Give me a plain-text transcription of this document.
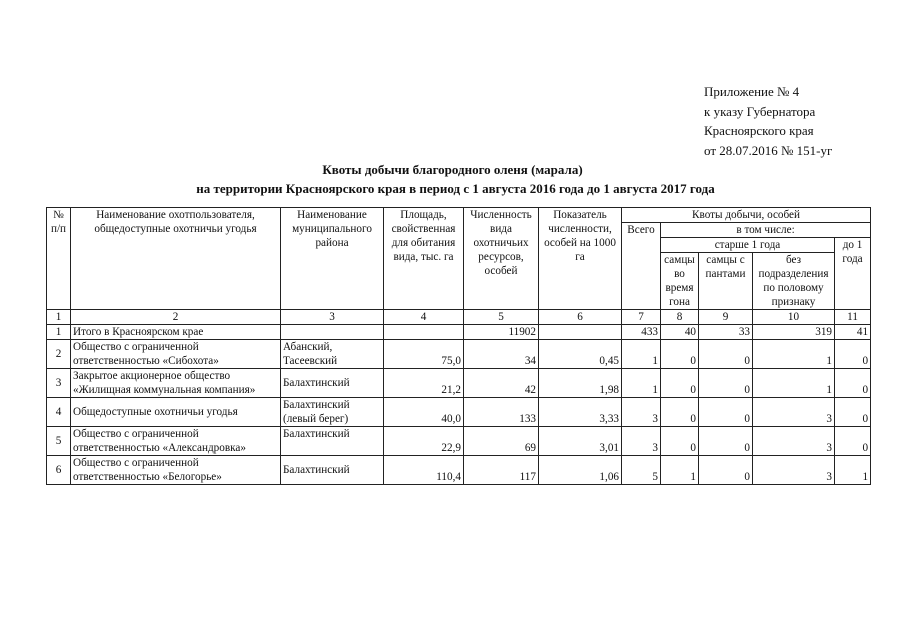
Приложение № 4
к указу Губернатора
Красноярского края
от 28.07.2016 № 151-уг
Квоты добычи благородного оленя (марала)
на территории Красноярского края в период с 1 августа 2016 года до 1 августа 2017 года
№ п/п	Наименование охотпользователя, общедоступные охотничьи угодья	Наименование муниципального района	Площадь, свойственная для обитания вида, тыс. га	Численность вида охотничьих ресурсов, особей	Показатель численности, особей на 1000 га	Квоты добычи, особей				
						Всего	в том числе:			
							старше 1 года			до 1 года
							самцы во время гона	самцы с пантами	без подразделения по половому признаку	
1	2	3	4	5	6	7	8	9	10	11
1	Итого в Красноярском крае			11902		433	40	33	319	41
2	Общество с ограниченной ответственностью «Сибохота»	Абанский, Тасеевский	75,0	34	0,45	1	0	0	1	0
3	Закрытое акционерное общество «Жилищная коммунальная компания»	Балахтинский	21,2	42	1,98	1	0	0	1	0
4	Общедоступные охотничьи угодья	Балахтинский (левый берег)	40,0	133	3,33	3	0	0	3	0
5	Общество с ограниченной ответственностью «Александровка»	Балахтинский	22,9	69	3,01	3	0	0	3	0
6	Общество с ограниченной ответственностью «Белогорье»	Балахтинский	110,4	117	1,06	5	1	0	3	1
